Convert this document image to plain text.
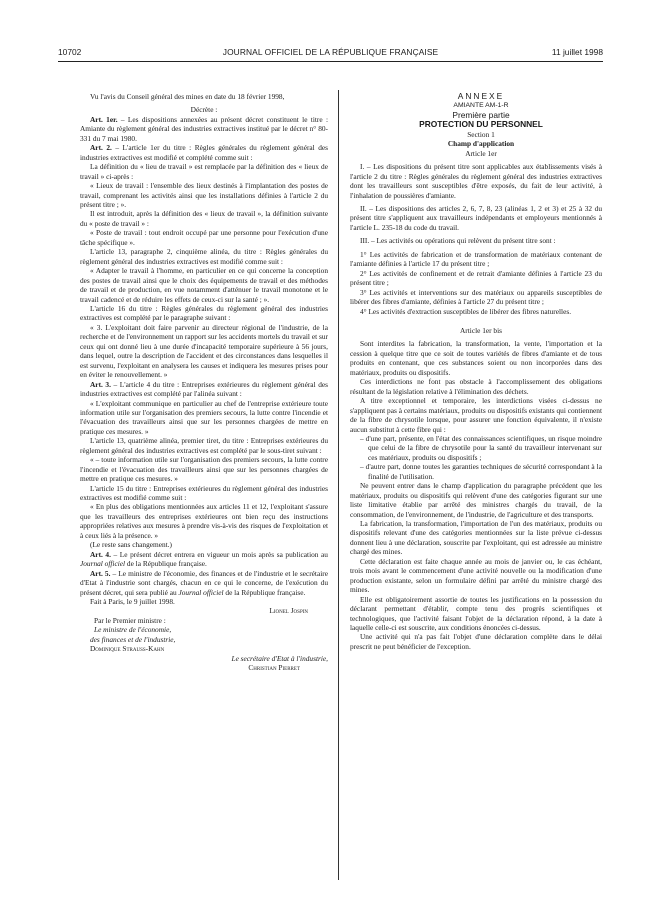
10702	JOURNAL OFFICIEL DE LA RÉPUBLIQUE FRANÇAISE	11 juillet 1998

Vu l'avis du Conseil général des mines en date du 18 février 1998,

Décrète :

Art. 1er. – Les dispositions annexées au présent décret constituent le titre : Amiante du règlement général des industries extractives institué par le décret n° 80-331 du 7 mai 1980.

Art. 2. – L'article 1er du titre : Règles générales du règlement général des industries extractives est modifié et complété comme suit :

La définition du « lieu de travail » est remplacée par la définition des « lieux de travail » ci-après :

« Lieux de travail : l'ensemble des lieux destinés à l'implantation des postes de travail, comprenant les activités ainsi que les installations définies à l'article 2 du présent titre ; ».

Il est introduit, après la définition des « lieux de travail », la définition suivante du « poste de travail » :

« Poste de travail : tout endroit occupé par une personne pour l'exécution d'une tâche spécifique ».

L'article 13, paragraphe 2, cinquième alinéa, du titre : Règles générales du règlement général des industries extractives est modifié comme suit :

« Adapter le travail à l'homme, en particulier en ce qui concerne la conception des postes de travail ainsi que le choix des équipements de travail et des méthodes de travail et de production, en vue notamment d'atténuer le travail monotone et le travail cadencé et de réduire les effets de ceux-ci sur la santé ; ».

L'article 16 du titre : Règles générales du règlement général des industries extractives est complété par le paragraphe suivant :

« 3. L'exploitant doit faire parvenir au directeur régional de l'industrie, de la recherche et de l'environnement un rapport sur les accidents mortels du travail et sur ceux qui ont donné lieu à une durée d'incapacité temporaire supérieure à 56 jours, dans lequel, outre la description de l'accident et des circonstances dans lesquelles il est survenu, l'exploitant en analysera les causes et indiquera les mesures prises pour en éviter le renouvellement. »

Art. 3. – L'article 4 du titre : Entreprises extérieures du règlement général des industries extractives est complété par l'alinéa suivant :

« L'exploitant communique en particulier au chef de l'entreprise extérieure toute information utile sur l'organisation des premiers secours, la lutte contre l'incendie et l'évacuation des travailleurs ainsi que sur les personnes chargées de mettre en pratique ces mesures. »

L'article 13, quatrième alinéa, premier tiret, du titre : Entreprises extérieures du règlement général des industries extractives est complété par le sous-tiret suivant :

« – toute information utile sur l'organisation des premiers secours, la lutte contre l'incendie et l'évacuation des travailleurs ainsi que sur les personnes chargées de mettre en pratique ces mesures. »

L'article 15 du titre : Entreprises extérieures du règlement général des industries extractives est modifié comme suit :

« En plus des obligations mentionnées aux articles 11 et 12, l'exploitant s'assure que les travailleurs des entreprises extérieures ont bien reçu des instructions appropriées relatives aux mesures à prendre vis-à-vis des risques de l'exploitation et à ceux liés à la présence. »

(Le reste sans changement.)

Art. 4. – Le présent décret entrera en vigueur un mois après sa publication au Journal officiel de la République française.

Art. 5. – Le ministre de l'économie, des finances et de l'industrie et le secrétaire d'Etat à l'industrie sont chargés, chacun en ce qui le concerne, de l'exécution du présent décret, qui sera publié au Journal officiel de la République française.

Fait à Paris, le 9 juillet 1998.

Lionel Jospin

Par le Premier ministre :

Le ministre de l'économie,

des finances et de l'industrie,

Dominique Strauss-Kahn

Le secrétaire d'Etat à l'industrie,

Christian Pierret

ANNEXE

AMIANTE AM-1-R

Première partie

PROTECTION DU PERSONNEL

Section 1

Champ d'application

Article 1er

I. – Les dispositions du présent titre sont applicables aux établissements visés à l'article 2 du titre : Règles générales du règlement général des industries extractives dont les travailleurs sont susceptibles d'être exposés, du fait de leur activité, à l'inhalation de poussières d'amiante.

II. – Les dispositions des articles 2, 6, 7, 8, 23 (alinéas 1, 2 et 3) et 25 à 32 du présent titre s'appliquent aux travailleurs indépendants et employeurs mentionnés à l'article L. 235-18 du code du travail.

III. – Les activités ou opérations qui relèvent du présent titre sont :

1° Les activités de fabrication et de transformation de matériaux contenant de l'amiante définies à l'article 17 du présent titre ;

2° Les activités de confinement et de retrait d'amiante définies à l'article 23 du présent titre ;

3° Les activités et interventions sur des matériaux ou appareils susceptibles de libérer des fibres d'amiante, définies à l'article 27 du présent titre ;

4° Les activités d'extraction susceptibles de libérer des fibres naturelles.

Article 1er bis

Sont interdites la fabrication, la transformation, la vente, l'importation et la cession à quelque titre que ce soit de toutes variétés de fibres d'amiante et de tous produits en contenant, que ces substances soient ou non incorporées dans des matériaux, produits ou dispositifs.

Ces interdictions ne font pas obstacle à l'accomplissement des obligations résultant de la législation relative à l'élimination des déchets.

A titre exceptionnel et temporaire, les interdictions visées ci-dessus ne s'appliquent pas à certains matériaux, produits ou dispositifs existants qui contiennent de la fibre de chrysotile lorsque, pour assurer une fonction équivalente, il n'existe aucun substitut à cette fibre qui :

– d'une part, présente, en l'état des connaissances scientifiques, un risque moindre que celui de la fibre de chrysotile pour la santé du travailleur intervenant sur ces matériaux, produits ou dispositifs ;

– d'autre part, donne toutes les garanties techniques de sécurité correspondant à la finalité de l'utilisation.

Ne peuvent entrer dans le champ d'application du paragraphe précédent que les matériaux, produits ou dispositifs qui relèvent d'une des catégories figurant sur une liste limitative établie par arrêté des ministres chargés du travail, de la consommation, de l'environnement, de l'industrie, de l'agriculture et des transports.

La fabrication, la transformation, l'importation de l'un des matériaux, produits ou dispositifs relevant d'une des catégories mentionnées sur la liste prévue ci-dessus donnent lieu à une déclaration, souscrite par l'exploitant, qui est adressée au ministre chargé des mines.

Cette déclaration est faite chaque année au mois de janvier ou, le cas échéant, trois mois avant le commencement d'une activité nouvelle ou la modification d'une production existante, selon un formulaire défini par arrêté du ministre chargé des mines.

Elle est obligatoirement assortie de toutes les justifications en la possession du déclarant permettant d'établir, compte tenu des progrès scientifiques et technologiques, que l'activité faisant l'objet de la déclaration répond, à la date à laquelle celle-ci est souscrite, aux conditions énoncées ci-dessus.

Une activité qui n'a pas fait l'objet d'une déclaration complète dans le délai prescrit ne peut bénéficier de l'exception.
